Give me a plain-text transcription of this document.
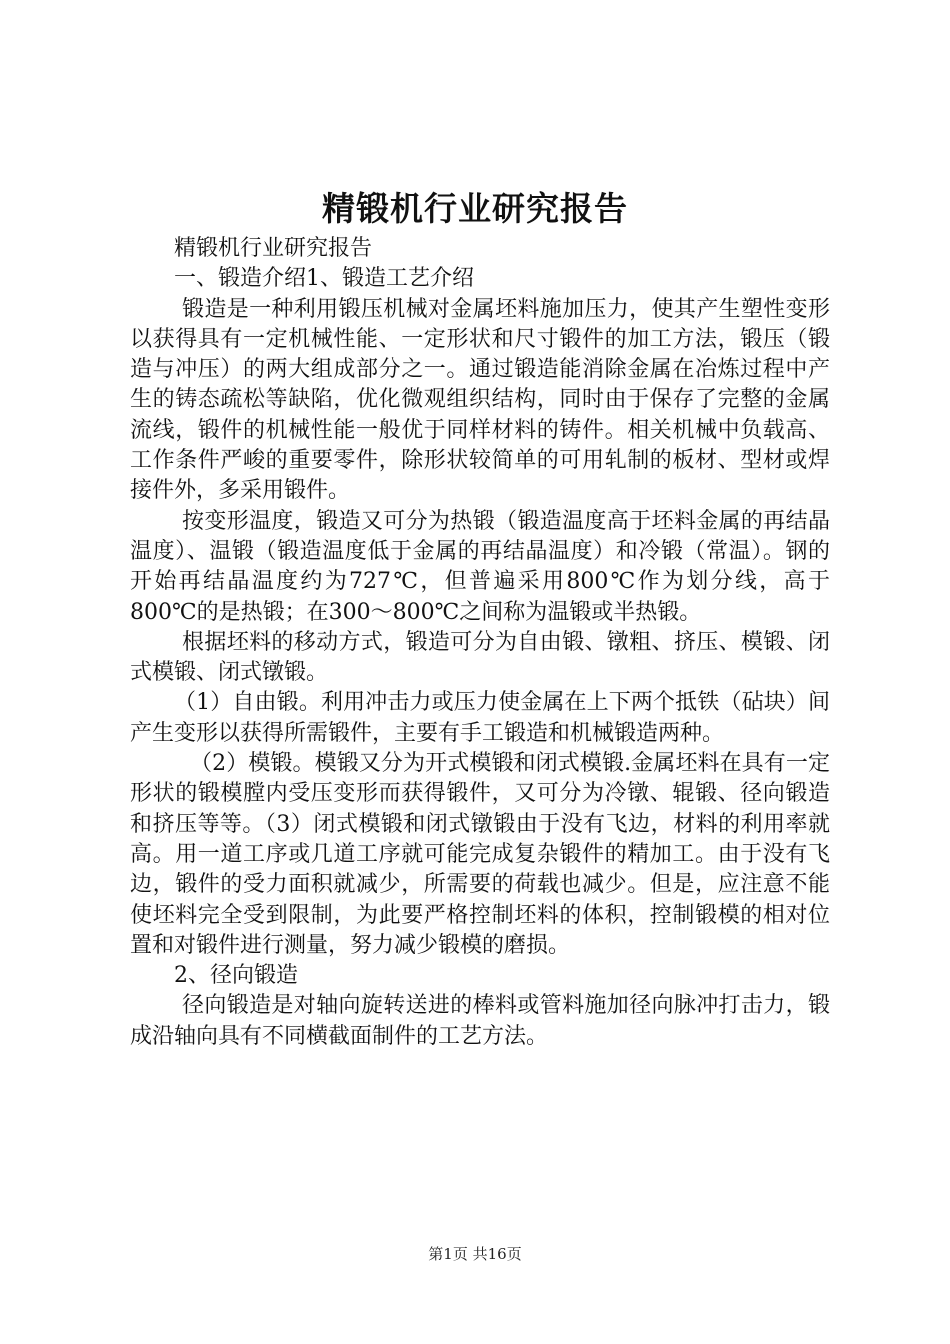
精锻机行业研究报告

精锻机行业研究报告

一、锻造介绍1、锻造工艺介绍

锻造是一种利用锻压机械对金属坯料施加压力，使其产生塑性变形以获得具有一定机械性能、一定形状和尺寸锻件的加工方法，锻压（锻造与冲压）的两大组成部分之一。通过锻造能消除金属在冶炼过程中产生的铸态疏松等缺陷，优化微观组织结构，同时由于保存了完整的金属流线，锻件的机械性能一般优于同样材料的铸件。相关机械中负载高、工作条件严峻的重要零件，除形状较简单的可用轧制的板材、型材或焊接件外，多采用锻件。

按变形温度，锻造又可分为热锻（锻造温度高于坯料金属的再结晶温度）、温锻（锻造温度低于金属的再结晶温度）和冷锻（常温）。钢的开始再结晶温度约为727℃，但普遍采用800℃作为划分线，高于800℃的是热锻；在300～800℃之间称为温锻或半热锻。

根据坯料的移动方式，锻造可分为自由锻、镦粗、挤压、模锻、闭式模锻、闭式镦锻。

（1）自由锻。利用冲击力或压力使金属在上下两个抵铁（砧块）间产生变形以获得所需锻件，主要有手工锻造和机械锻造两种。

（2）模锻。模锻又分为开式模锻和闭式模锻.金属坯料在具有一定形状的锻模膛内受压变形而获得锻件，又可分为冷镦、辊锻、径向锻造和挤压等等。（3）闭式模锻和闭式镦锻由于没有飞边，材料的利用率就高。用一道工序或几道工序就可能完成复杂锻件的精加工。由于没有飞边，锻件的受力面积就减少，所需要的荷载也减少。但是，应注意不能使坯料完全受到限制，为此要严格控制坯料的体积，控制锻模的相对位置和对锻件进行测量，努力减少锻模的磨损。

2、径向锻造

径向锻造是对轴向旋转送进的棒料或管料施加径向脉冲打击力，锻成沿轴向具有不同横截面制件的工艺方法。

第1页 共16页
